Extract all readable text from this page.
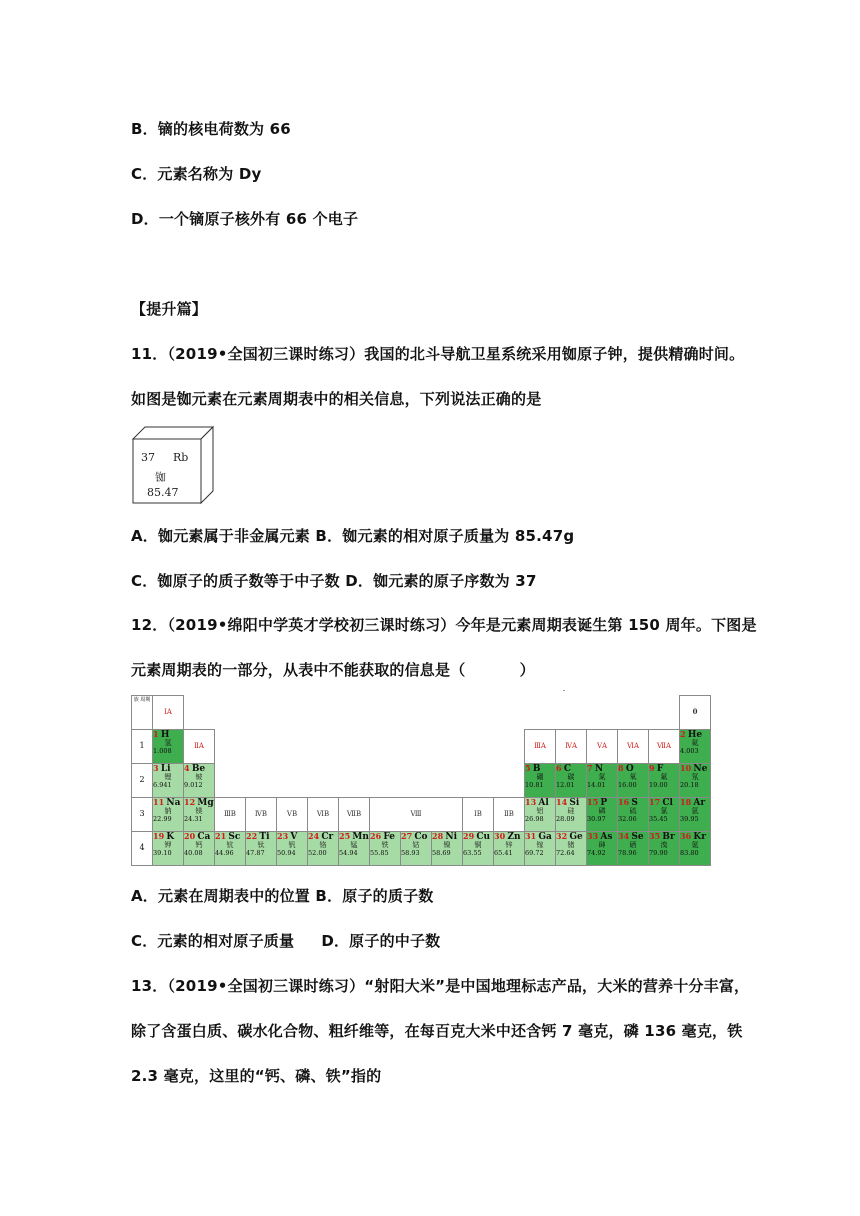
B．镝的核电荷数为 66
C．元素名称为 Dy
D．一个镝原子核外有 66 个电子
【提升篇】
11．（2019•全国初三课时练习）我国的北斗导航卫星系统采用铷原子钟，提供精确时间。
如图是铷元素在元素周期表中的相关信息，下列说法正确的是
37 Rb
铷
85.47
A．铷元素属于非金属元素 B．铷元素的相对原子质量为 85.47g
C．铷原子的质子数等于中子数 D．铷元素的原子序数为 37
12．（2019•绵阳中学英才学校初三课时练习）今年是元素周期表诞生第 150 周年。下图是
元素周期表的一部分，从表中不能获取的信息是（          ）
族 周期	ⅠA																	0
1	1 H
氢
1.008	ⅡA											ⅢA	ⅣA	ⅤA	ⅥA	ⅦA	2 He
氦
4.003

2	3 Li
锂
6.941	4 Be
铍
9.012											5 B
硼
10.81	6 C
碳
12.01	7 N
氮
14.01	8 O
氧
16.00	9 F
氟
19.00	10 Ne
氖
20.18

3	11 Na
钠
22.99	12 Mg
镁
24.31	ⅢB	ⅣB	ⅤB	ⅥB	ⅦB	Ⅷ			ⅠB	ⅡB	13 Al
铝
26.98	14 Si
硅
28.09	15 P
磷
30.97	16 S
硫
32.06	17 Cl
氯
35.45	18 Ar
氩
39.95

4	19 K
钾
39.10	20 Ca
钙
40.08	21 Sc
钪
44.96	22 Ti
钛
47.87	23 V
钒
50.94	24 Cr
铬
52.00	25 Mn
锰
54.94	26 Fe
铁
55.85	27 Co
钴
58.93	28 Ni
镍
58.69	29 Cu
铜
63.55	30 Zn
锌
65.41	31 Ga
镓
69.72	32 Ge
锗
72.64	33 As
砷
74.92	34 Se
硒
78.96	35 Br
溴
79.90	36 Kr
氪
83.80
A．元素在周期表中的位置 B．原子的质子数
C．元素的相对原子质量     D．原子的中子数
13．（2019•全国初三课时练习）“射阳大米”是中国地理标志产品，大米的营养十分丰富，
除了含蛋白质、碳水化合物、粗纤维等，在每百克大米中还含钙 7 毫克，磷 136 毫克，铁
2.3 毫克，这里的“钙、磷、铁”指的
